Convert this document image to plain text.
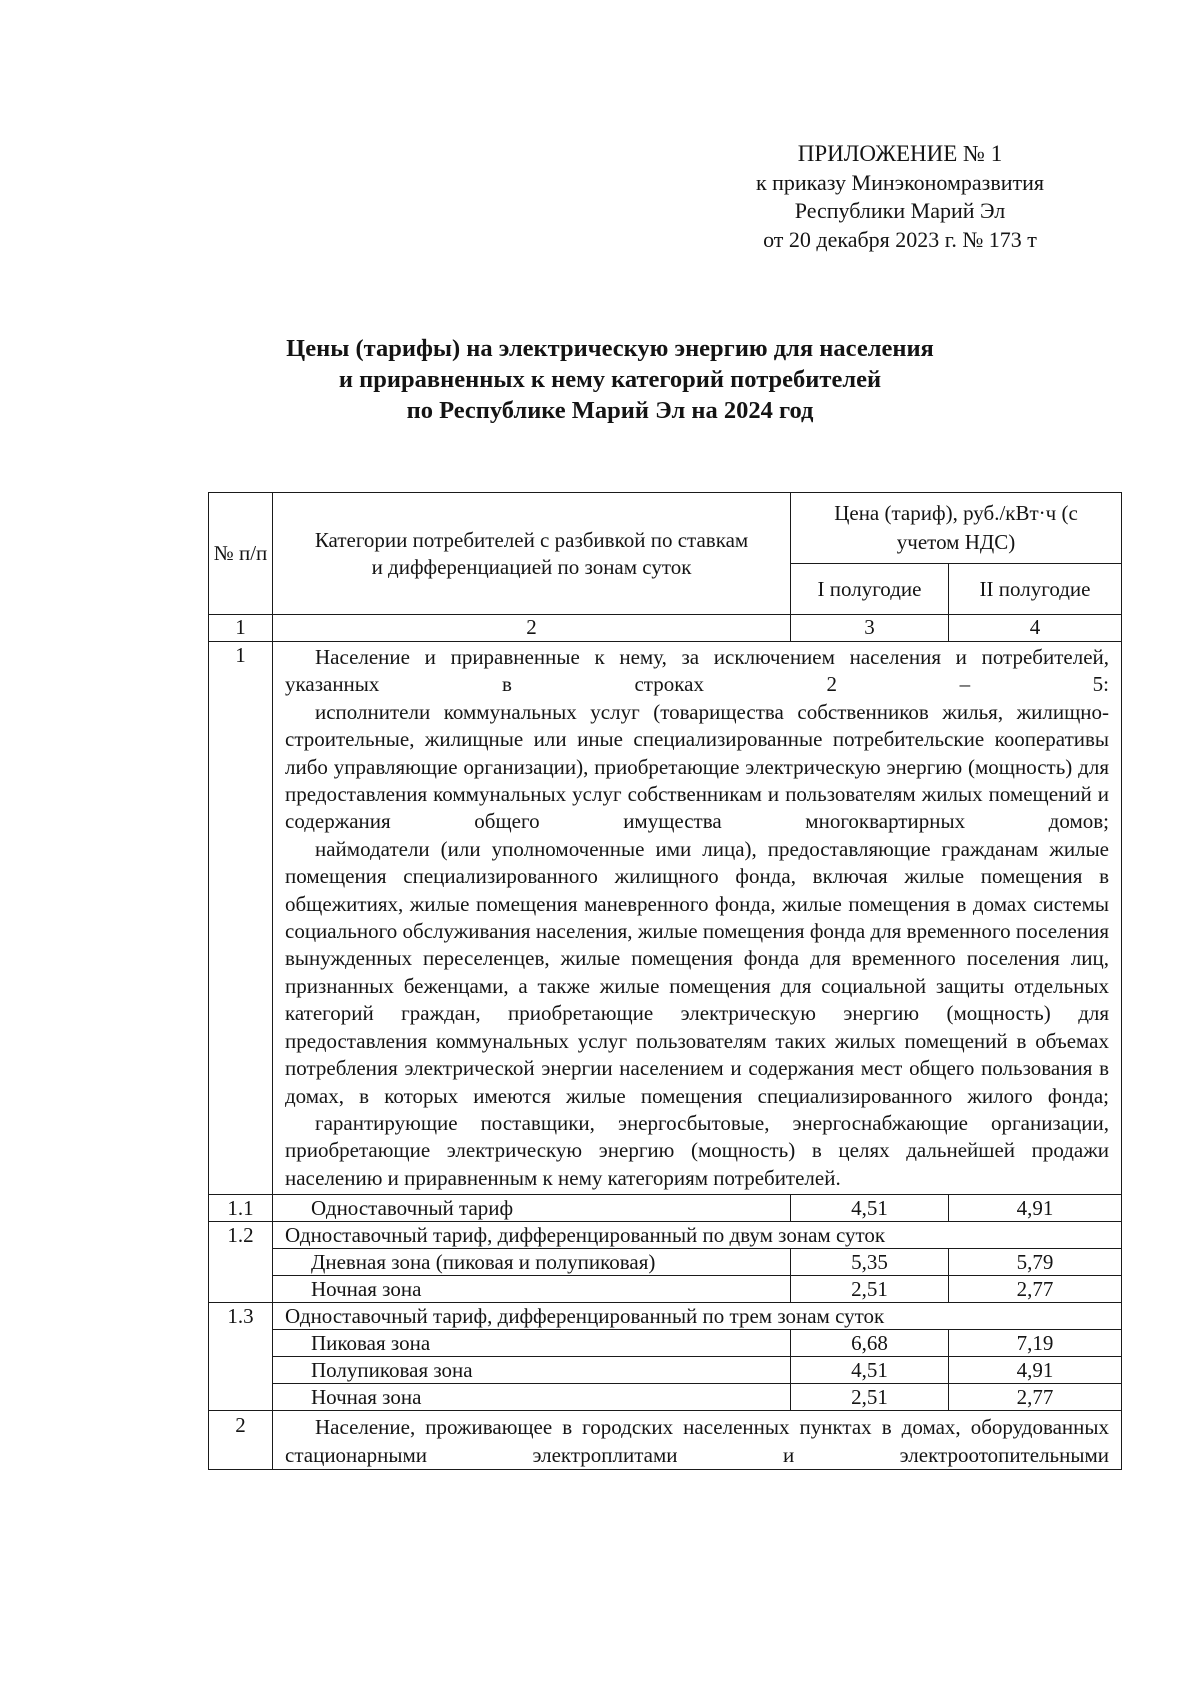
ПРИЛОЖЕНИЕ № 1
к приказу Минэкономразвития
Республики Марий Эл
от 20 декабря 2023 г. № 173 т
Цены (тарифы) на электрическую энергию для населения
и приравненных к нему категорий потребителей
по Республике Марий Эл на 2024 год
№ п/п	Категории потребителей с разбивкой по ставкам и дифференциацией по зонам суток	Цена (тариф), руб./кВт·ч (с учетом НДС)	

		I полугодие	II полугодие
1	2	3	4
1	Население и приравненные к нему, за исключением населения и потребителей, указанных в строках 2 – 5:

исполнители коммунальных услуг (товарищества собственников жилья, жилищно-строительные, жилищные или иные специализированные потребительские кооперативы либо управляющие организации), приобретающие электрическую энергию (мощность) для предоставления коммунальных услуг собственникам и пользователям жилых помещений и содержания общего имущества многоквартирных домов;

наймодатели (или уполномоченные ими лица), предоставляющие гражданам жилые помещения специализированного жилищного фонда, включая жилые помещения в общежитиях, жилые помещения маневренного фонда, жилые помещения в домах системы социального обслуживания населения, жилые помещения фонда для временного поселения вынужденных переселенцев, жилые помещения фонда для временного поселения лиц, признанных беженцами, а также жилые помещения для социальной защиты отдельных категорий граждан, приобретающие электрическую энергию (мощность) для предоставления коммунальных услуг пользователям таких жилых помещений в объемах потребления электрической энергии населением и содержания мест общего пользования в домах, в которых имеются жилые помещения специализированного жилого фонда;

гарантирующие поставщики, энергосбытовые, энергоснабжающие организации, приобретающие электрическую энергию (мощность) в целях дальнейшей продажи населению и приравненным к нему категориям потребителей.		

1.1	Одноставочный тариф	4,51	4,91
1.2	Одноставочный тариф, дифференцированный по двум зонам суток		
	Дневная зона (пиковая и полупиковая)	5,35	5,79
	Ночная зона	2,51	2,77
1.3	Одноставочный тариф, дифференцированный по трем зонам суток		
	Пиковая зона	6,68	7,19
	Полупиковая зона	4,51	4,91
	Ночная зона	2,51	2,77
2	Население, проживающее в городских населенных пунктах в домах, оборудованных стационарными электроплитами и электроотопительными		
